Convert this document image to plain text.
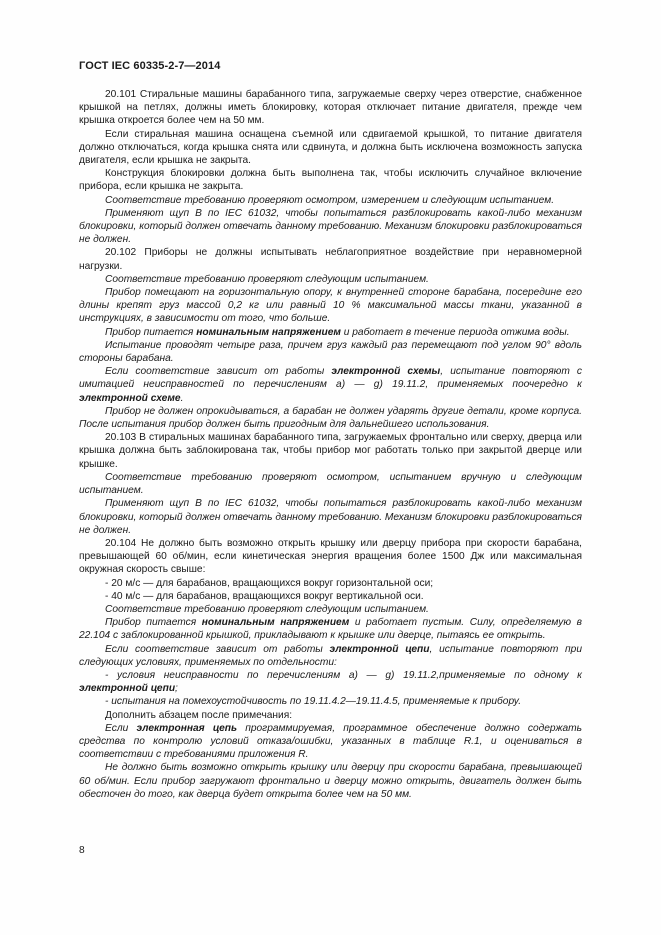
ГОСТ IEC 60335-2-7—2014

20.101 Стиральные машины барабанного типа, загружаемые сверху через отверстие, снабженное крышкой на петлях, должны иметь блокировку, которая отключает питание двигателя, прежде чем крышка откроется более чем на 50 мм.

Если стиральная машина оснащена съемной или сдвигаемой крышкой, то питание двигателя должно отключаться, когда крышка снята или сдвинута, и должна быть исключена возможность запуска двигателя, если крышка не закрыта.

Конструкция блокировки должна быть выполнена так, чтобы исключить случайное включение прибора, если крышка не закрыта.

Соответствие требованию проверяют осмотром, измерением и следующим испытанием.

Применяют щуп B по IEC 61032, чтобы попытаться разблокировать какой-либо механизм блокировки, который должен отвечать данному требованию. Механизм блокировки разблокироваться не должен.

20.102 Приборы не должны испытывать неблагоприятное воздействие при неравномерной нагрузки.

Соответствие требованию проверяют следующим испытанием.

Прибор помещают на горизонтальную опору, к внутренней стороне барабана, посередине его длины крепят груз массой 0,2 кг или равный 10 % максимальной массы ткани, указанной в инструкциях, в зависимости от того, что больше.

Прибор питается номинальным напряжением и работает в течение периода отжима воды.

Испытание проводят четыре раза, причем груз каждый раз перемещают под углом 90° вдоль стороны барабана.

Если соответствие зависит от работы электронной схемы, испытание повторяют с имитацией неисправностей по перечислениям a) — g) 19.11.2, применяемых поочередно к электронной схеме.

Прибор не должен опрокидываться, а барабан не должен ударять другие детали, кроме корпуса. После испытания прибор должен быть пригодным для дальнейшего использования.

20.103 В стиральных машинах барабанного типа, загружаемых фронтально или сверху, дверца или крышка должна быть заблокирована так, чтобы прибор мог работать только при закрытой дверце или крышке.

Соответствие требованию проверяют осмотром, испытанием вручную и следующим испытанием.

Применяют щуп B по IEC 61032, чтобы попытаться разблокировать какой-либо механизм блокировки, который должен отвечать данному требованию. Механизм блокировки разблокироваться не должен.

20.104 Не должно быть возможно открыть крышку или дверцу прибора при скорости барабана, превышающей 60 об/мин, если кинетическая энергия вращения более 1500 Дж или максимальная окружная скорость свыше:

- 20 м/с — для барабанов, вращающихся вокруг горизонтальной оси;

- 40 м/с — для барабанов, вращающихся вокруг вертикальной оси.

Соответствие требованию проверяют следующим испытанием.

Прибор питается номинальным напряжением и работает пустым. Силу, определяемую в 22.104 с заблокированной крышкой, прикладывают к крышке или дверце, пытаясь ее открыть.

Если соответствие зависит от работы электронной цепи, испытание повторяют при следующих условиях, применяемых по отдельности:

- условия неисправности по перечислениям a) — g) 19.11.2,применяемые по одному к электронной цепи;

- испытания на помехоустойчивость по 19.11.4.2—19.11.4.5, применяемые к прибору.

Дополнить абзацем после примечания:

Если электронная цепь программируемая, программное обеспечение должно содержать средства по контролю условий отказа/ошибки, указанных в таблице R.1, и оцениваться в соответствии с требованиями приложения R.

Не должно быть возможно открыть крышку или дверцу при скорости барабана, превышающей 60 об/мин. Если прибор загружают фронтально и дверцу можно открыть, двигатель должен быть обесточен до того, как дверца будет открыта более чем на 50 мм.

8
